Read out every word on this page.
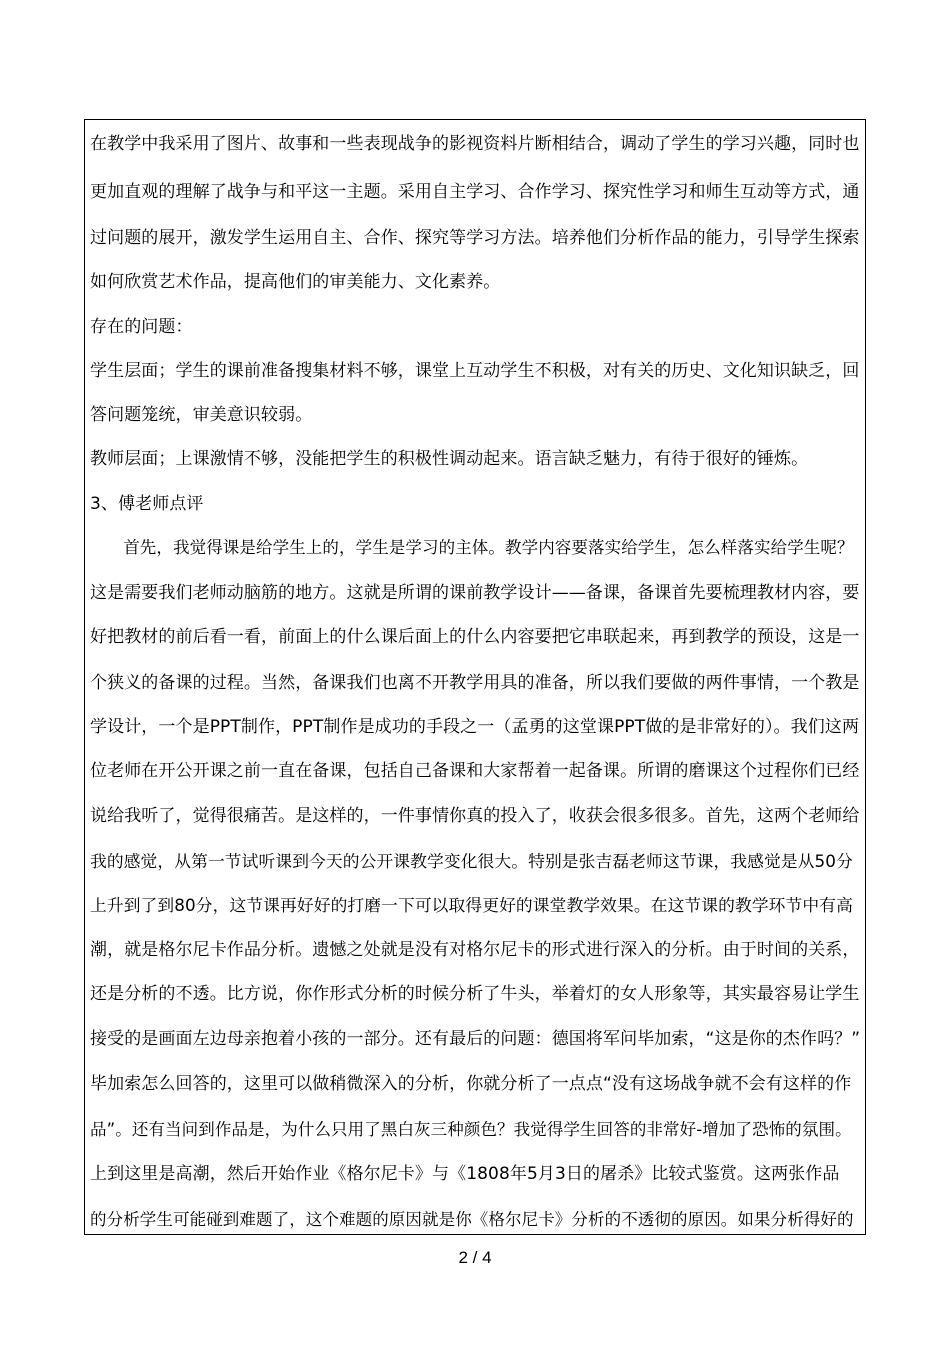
在教学中我采用了图片、故事和一些表现战争的影视资料片断相结合，调动了学生的学习兴趣，同时也
更加直观的理解了战争与和平这一主题。采用自主学习、合作学习、探究性学习和师生互动等方式，通
过问题的展开，激发学生运用自主、合作、探究等学习方法。培养他们分析作品的能力，引导学生探索
如何欣赏艺术作品，提高他们的审美能力、文化素养。
存在的问题：
学生层面；学生的课前准备搜集材料不够，课堂上互动学生不积极，对有关的历史、文化知识缺乏，回
答问题笼统，审美意识较弱。
教师层面；上课激情不够，没能把学生的积极性调动起来。语言缺乏魅力，有待于很好的锤炼。
3、傅老师点评
　　首先，我觉得课是给学生上的，学生是学习的主体。教学内容要落实给学生，怎么样落实给学生呢？
这是需要我们老师动脑筋的地方。这就是所谓的课前教学设计——备课，备课首先要梳理教材内容，要
好把教材的前后看一看，前面上的什么课后面上的什么内容要把它串联起来，再到教学的预设，这是一
个狭义的备课的过程。当然，备课我们也离不开教学用具的准备，所以我们要做的两件事情，一个教是
学设计，一个是PPT制作，PPT制作是成功的手段之一（孟勇的这堂课PPT做的是非常好的）。我们这两
位老师在开公开课之前一直在备课，包括自己备课和大家帮着一起备课。所谓的磨课这个过程你们已经
说给我听了，觉得很痛苦。是这样的，一件事情你真的投入了，收获会很多很多。首先，这两个老师给
我的感觉，从第一节试听课到今天的公开课教学变化很大。特别是张吉磊老师这节课，我感觉是从50分
上升到了到80分，这节课再好好的打磨一下可以取得更好的课堂教学效果。在这节课的教学环节中有高
潮，就是格尔尼卡作品分析。遗憾之处就是没有对格尔尼卡的形式进行深入的分析。由于时间的关系，
还是分析的不透。比方说，你作形式分析的时候分析了牛头，举着灯的女人形象等，其实最容易让学生
接受的是画面左边母亲抱着小孩的一部分。还有最后的问题：德国将军问毕加索，“这是你的杰作吗？”
毕加索怎么回答的，这里可以做稍微深入的分析，你就分析了一点点“没有这场战争就不会有这样的作
品”。还有当问到作品是，为什么只用了黑白灰三种颜色？我觉得学生回答的非常好-增加了恐怖的氛围。
上到这里是高潮，然后开始作业《格尔尼卡》与《1808年5月3日的屠杀》比较式鉴赏。这两张作品
的分析学生可能碰到难题了，这个难题的原因就是你《格尔尼卡》分析的不透彻的原因。如果分析得好的
2 / 4
